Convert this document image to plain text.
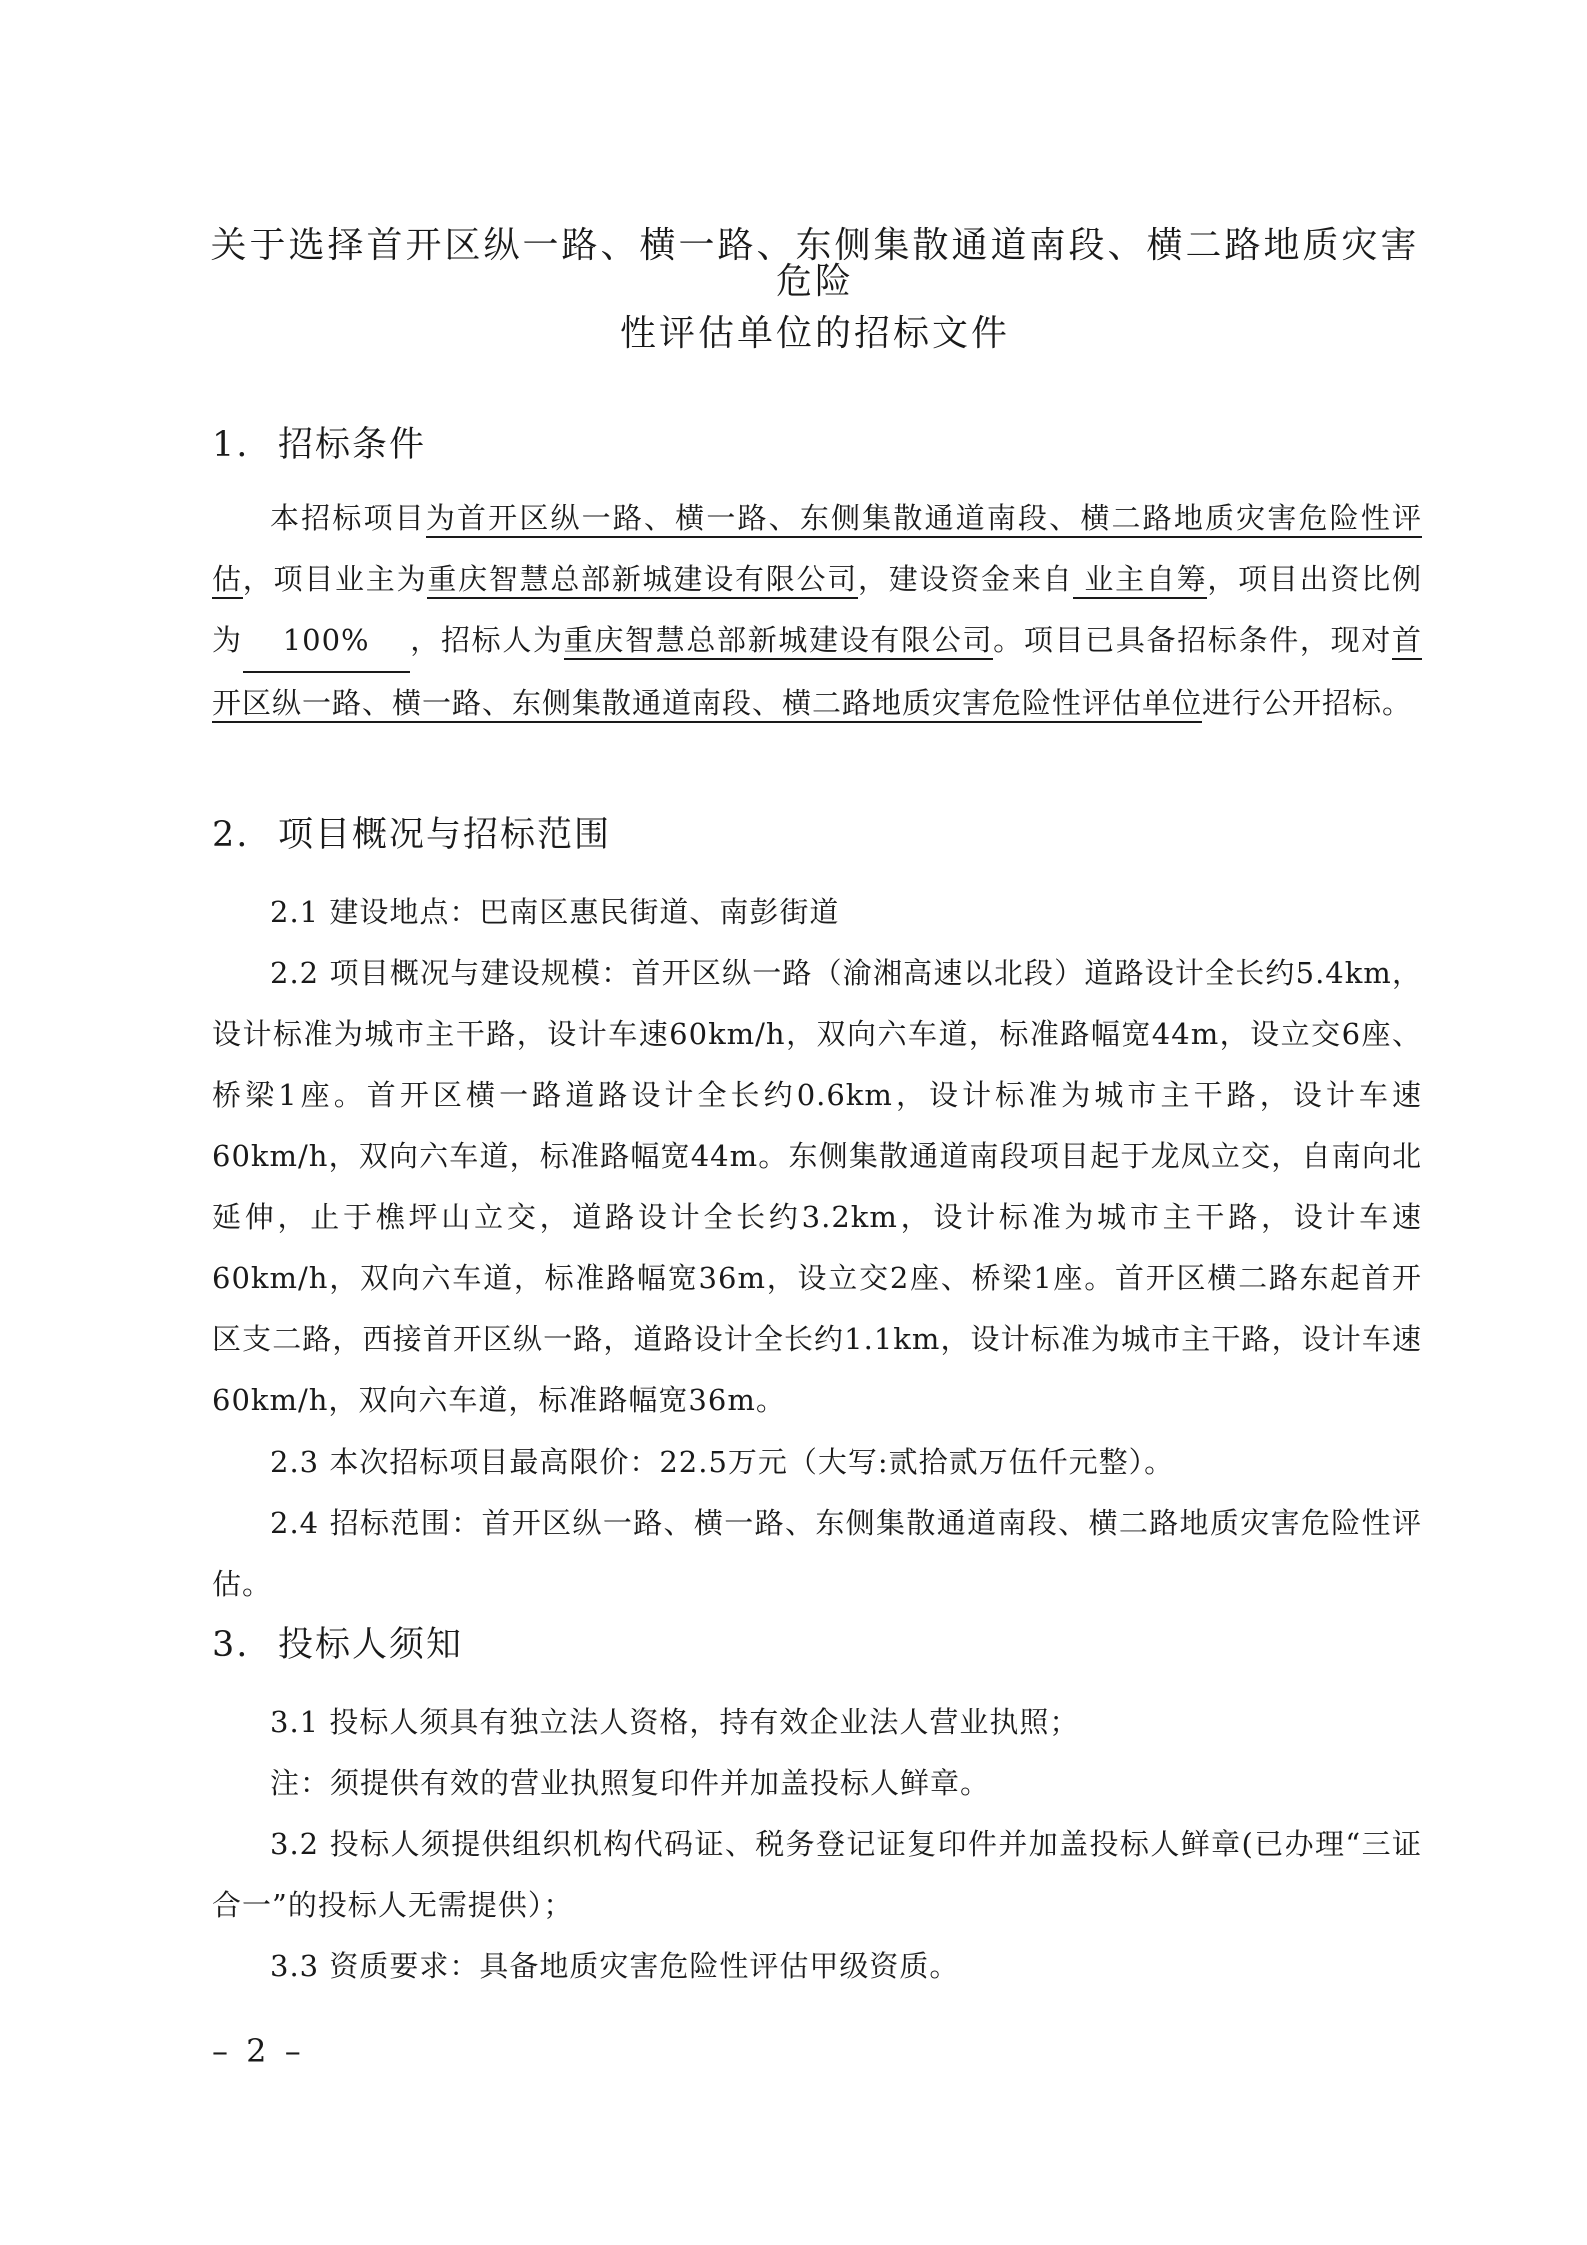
关于选择首开区纵一路、横一路、东侧集散通道南段、横二路地质灾害危险
性评估单位的招标文件
1. 招标条件

本招标项目为首开区纵一路、横一路、东侧集散通道南段、横二路地质灾害危险性评估，项目业主为重庆智慧总部新城建设有限公司，建设资金来自 业主自筹，项目出资比例为 100% ，招标人为重庆智慧总部新城建设有限公司。项目已具备招标条件，现对首开区纵一路、横一路、东侧集散通道南段、横二路地质灾害危险性评估单位进行公开招标。

2. 项目概况与招标范围

2.1 建设地点：巴南区惠民街道、南彭街道

2.2 项目概况与建设规模：首开区纵一路（渝湘高速以北段）道路设计全长约5.4km，设计标准为城市主干路，设计车速60km/h，双向六车道，标准路幅宽44m，设立交6座、桥梁1座。首开区横一路道路设计全长约0.6km，设计标准为城市主干路，设计车速60km/h，双向六车道，标准路幅宽44m。东侧集散通道南段项目起于龙凤立交，自南向北延伸，止于樵坪山立交，道路设计全长约3.2km，设计标准为城市主干路，设计车速60km/h，双向六车道，标准路幅宽36m，设立交2座、桥梁1座。首开区横二路东起首开区支二路，西接首开区纵一路，道路设计全长约1.1km，设计标准为城市主干路，设计车速60km/h，双向六车道，标准路幅宽36m。

2.3 本次招标项目最高限价：22.5万元（大写:贰拾贰万伍仟元整）。

2.4 招标范围：首开区纵一路、横一路、东侧集散通道南段、横二路地质灾害危险性评估。

3. 投标人须知

3.1 投标人须具有独立法人资格，持有效企业法人营业执照；

注：须提供有效的营业执照复印件并加盖投标人鲜章。

3.2 投标人须提供组织机构代码证、税务登记证复印件并加盖投标人鲜章(已办理“三证合一”的投标人无需提供）；

3.3 资质要求：具备地质灾害危险性评估甲级资质。

– 2 –
